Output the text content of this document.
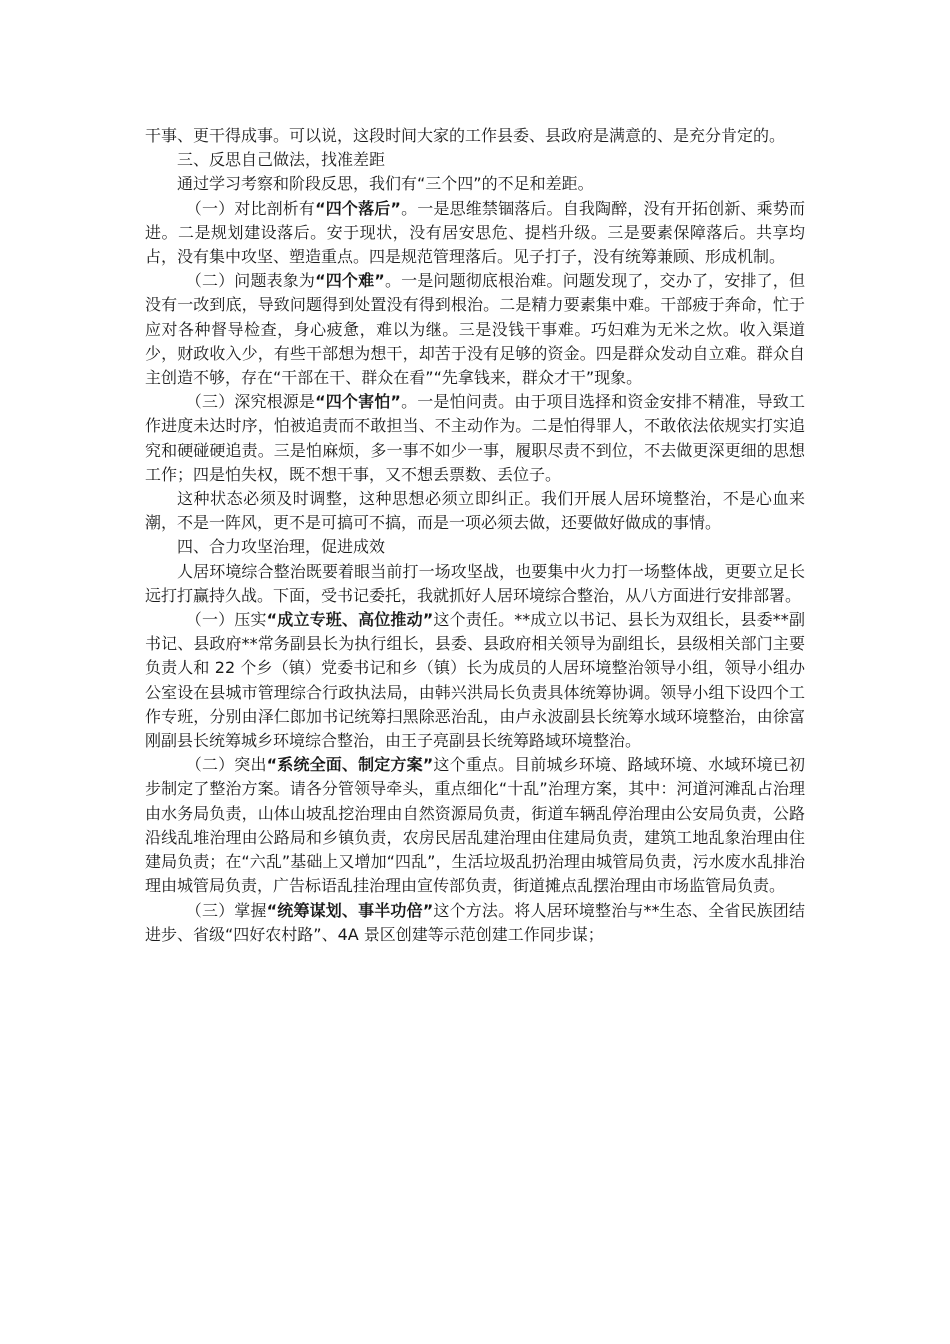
干事、更干得成事。可以说，这段时间大家的工作县委、县政府是满意的、是充分肯定的。

三、反思自己做法，找准差距

通过学习考察和阶段反思，我们有“三个四”的不足和差距。

（一）对比剖析有“四个落后”。一是思维禁锢落后。自我陶醉，没有开拓创新、乘势而进。二是规划建设落后。安于现状，没有居安思危、提档升级。三是要素保障落后。共享均占，没有集中攻坚、塑造重点。四是规范管理落后。见子打子，没有统筹兼顾、形成机制。

（二）问题表象为“四个难”。一是问题彻底根治难。问题发现了，交办了，安排了，但没有一改到底，导致问题得到处置没有得到根治。二是精力要素集中难。干部疲于奔命，忙于应对各种督导检查，身心疲惫，难以为继。三是没钱干事难。巧妇难为无米之炊。收入渠道少，财政收入少，有些干部想为想干，却苦于没有足够的资金。四是群众发动自立难。群众自主创造不够，存在“干部在干、群众在看”“先拿钱来，群众才干”现象。

（三）深究根源是“四个害怕”。一是怕问责。由于项目选择和资金安排不精准，导致工作进度未达时序，怕被追责而不敢担当、不主动作为。二是怕得罪人，不敢依法依规实打实追究和硬碰硬追责。三是怕麻烦，多一事不如少一事，履职尽责不到位，不去做更深更细的思想工作；四是怕失权，既不想干事，又不想丢票数、丢位子。

这种状态必须及时调整，这种思想必须立即纠正。我们开展人居环境整治，不是心血来潮，不是一阵风，更不是可搞可不搞，而是一项必须去做，还要做好做成的事情。

四、合力攻坚治理，促进成效

人居环境综合整治既要着眼当前打一场攻坚战，也要集中火力打一场整体战，更要立足长远打打赢持久战。下面，受书记委托，我就抓好人居环境综合整治，从八方面进行安排部署。

（一）压实“成立专班、高位推动”这个责任。**成立以书记、县长为双组长，县委**副书记、县政府**常务副县长为执行组长，县委、县政府相关领导为副组长，县级相关部门主要负责人和 22 个乡（镇）党委书记和乡（镇）长为成员的人居环境整治领导小组，领导小组办公室设在县城市管理综合行政执法局，由韩兴洪局长负责具体统筹协调。领导小组下设四个工作专班，分别由泽仁郎加书记统筹扫黑除恶治乱，由卢永波副县长统筹水域环境整治，由徐富刚副县长统筹城乡环境综合整治，由王子亮副县长统筹路域环境整治。

（二）突出“系统全面、制定方案”这个重点。目前城乡环境、路域环境、水域环境已初步制定了整治方案。请各分管领导牵头，重点细化“十乱”治理方案，其中：河道河滩乱占治理由水务局负责，山体山坡乱挖治理由自然资源局负责，街道车辆乱停治理由公安局负责，公路沿线乱堆治理由公路局和乡镇负责，农房民居乱建治理由住建局负责，建筑工地乱象治理由住建局负责；在“六乱”基础上又增加“四乱”，生活垃圾乱扔治理由城管局负责，污水废水乱排治理由城管局负责，广告标语乱挂治理由宣传部负责，街道摊点乱摆治理由市场监管局负责。

（三）掌握“统筹谋划、事半功倍”这个方法。将人居环境整治与**生态、全省民族团结进步、省级“四好农村路”、4A 景区创建等示范创建工作同步谋；
